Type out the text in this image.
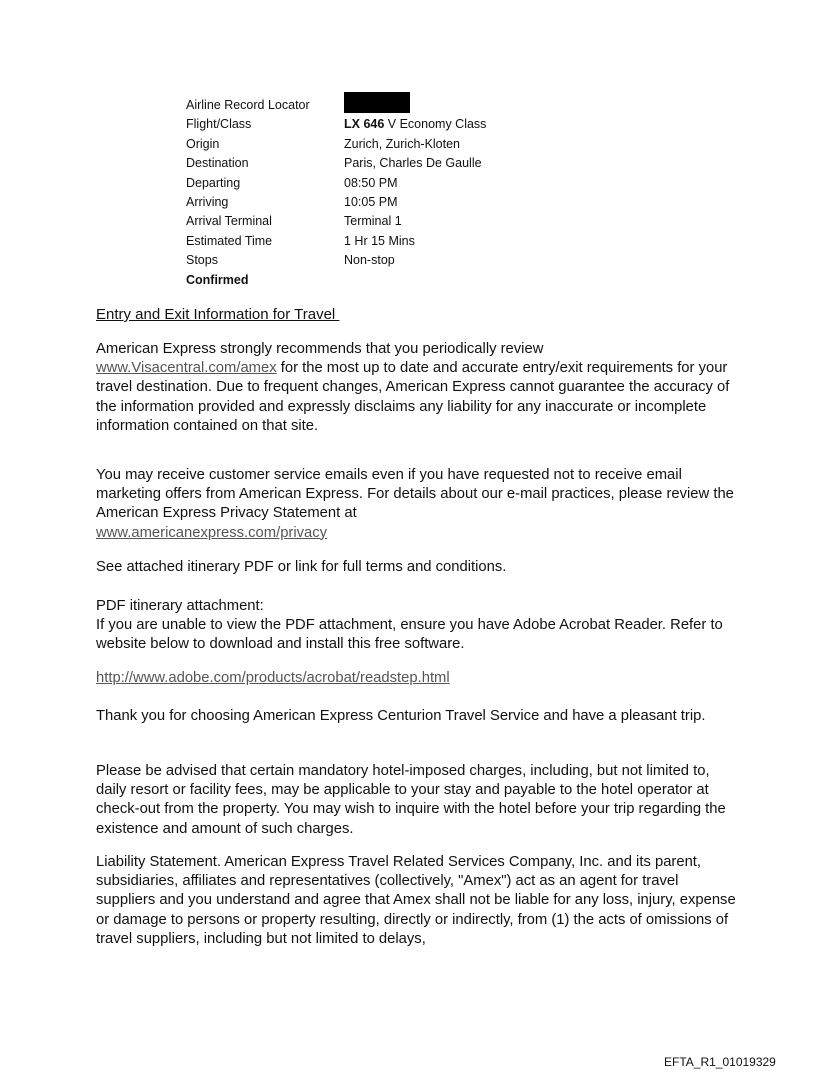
Airline Record Locator
Flight/Class	LX 646 V Economy Class
Origin	Zurich, Zurich-Kloten
Destination	Paris, Charles De Gaulle
Departing	08:50 PM
Arriving	10:05 PM
Arrival Terminal	Terminal 1
Estimated Time	1 Hr 15 Mins
Stops	Non-stop
Confirmed
Entry and Exit Information for Travel

American Express strongly recommends that you periodically review
www.Visacentral.com/amex for the most up to date and accurate entry/exit requirements for your travel destination. Due to frequent changes, American Express cannot guarantee the accuracy of the information provided and expressly disclaims any liability for any inaccurate or incomplete information contained on that site.

You may receive customer service emails even if you have requested not to receive email marketing offers from American Express. For details about our e-mail practices, please review the American Express Privacy Statement at
www.americanexpress.com/privacy

See attached itinerary PDF or link for full terms and conditions.

PDF itinerary attachment:
If you are unable to view the PDF attachment, ensure you have Adobe Acrobat Reader. Refer to website below to download and install this free software.

http://www.adobe.com/products/acrobat/readstep.html

Thank you for choosing American Express Centurion Travel Service and have a pleasant trip.

Please be advised that certain mandatory hotel-imposed charges, including, but not limited to, daily resort or facility fees, may be applicable to your stay and payable to the hotel operator at check-out from the property. You may wish to inquire with the hotel before your trip regarding the existence and amount of such charges.

Liability Statement. American Express Travel Related Services Company, Inc. and its parent, subsidiaries, affiliates and representatives (collectively, "Amex") act as an agent for travel suppliers and you understand and agree that Amex shall not be liable for any loss, injury, expense or damage to persons or property resulting, directly or indirectly, from (1) the acts of omissions of travel suppliers, including but not limited to delays,

EFTA_R1_01019329
